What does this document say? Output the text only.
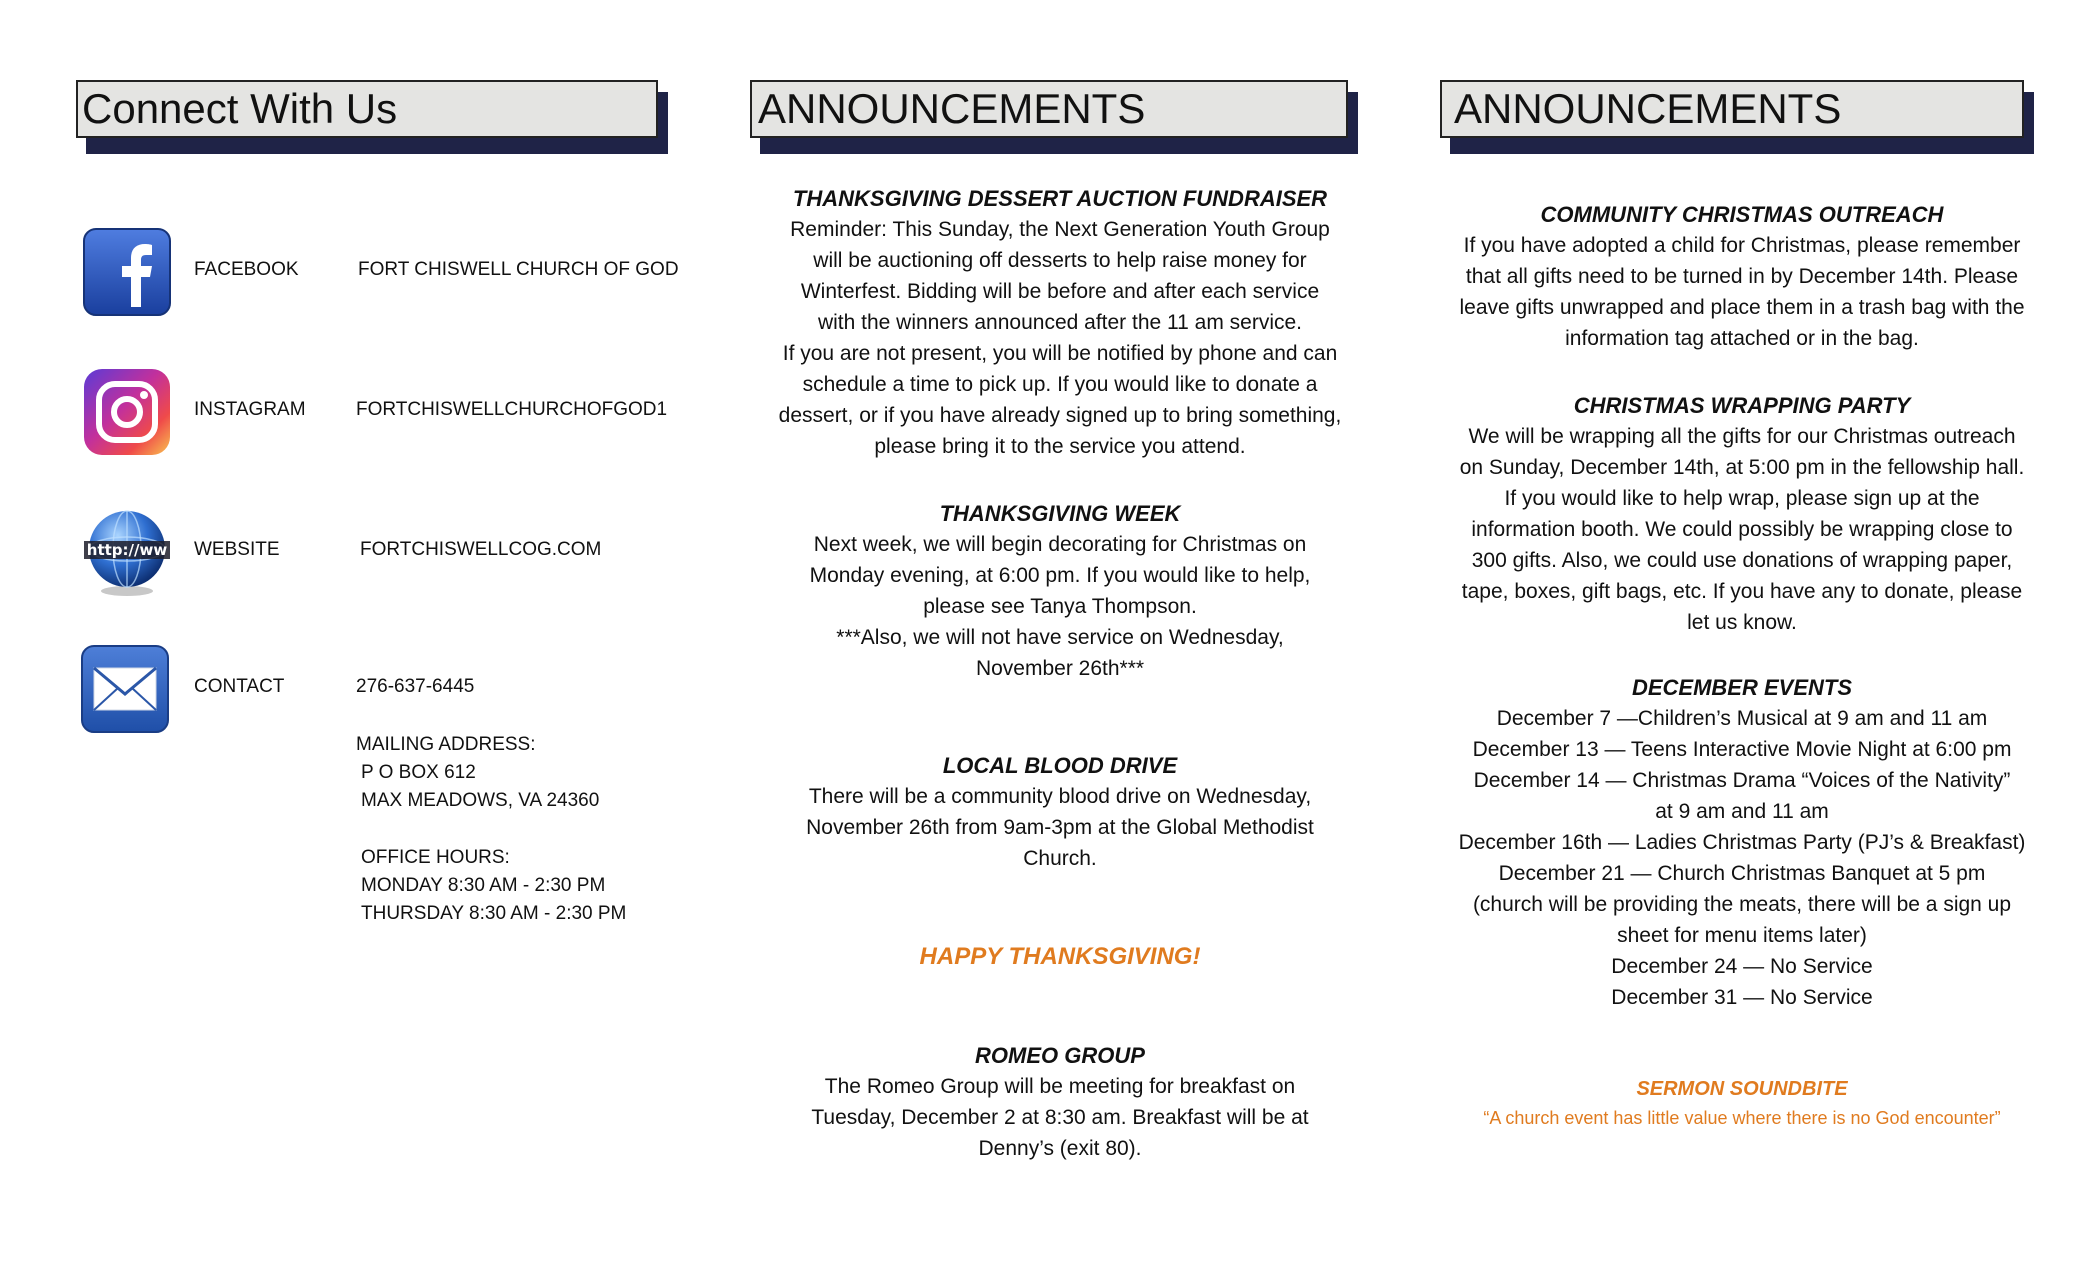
Connect With Us
FACEBOOK	FORT CHISWELL CHURCH OF GOD
INSTAGRAM	FORTCHISWELLCHURCHOFGOD1
http://ww WEBSITE	FORTCHISWELLCOG.COM
CONTACT	276-637-6445
MAILING ADDRESS:
P O BOX 612
MAX MEADOWS, VA 24360
OFFICE HOURS:
MONDAY 8:30 AM - 2:30 PM
THURSDAY 8:30 AM - 2:30 PM
ANNOUNCEMENTS
THANKSGIVING DESSERT AUCTION FUNDRAISER

Reminder: This Sunday, the Next Generation Youth Group

will be auctioning off desserts to help raise money for

Winterfest. Bidding will be before and after each service

with the winners announced after the 11 am service.

If you are not present, you will be notified by phone and can

schedule a time to pick up. If you would like to donate a

dessert, or if you have already signed up to bring something,

please bring it to the service you attend.

THANKSGIVING WEEK

Next week, we will begin decorating for Christmas on

Monday evening, at 6:00 pm. If you would like to help,

please see Tanya Thompson.

***Also, we will not have service on Wednesday,

November 26th***

LOCAL BLOOD DRIVE

There will be a community blood drive on Wednesday,

November 26th from 9am-3pm at the Global Methodist

Church.

HAPPY THANKSGIVING!
ROMEO GROUP

The Romeo Group will be meeting for breakfast on

Tuesday, December 2 at 8:30 am. Breakfast will be at

Denny’s (exit 80).

ANNOUNCEMENTS
COMMUNITY CHRISTMAS OUTREACH

If you have adopted a child for Christmas, please remember

that all gifts need to be turned in by December 14th. Please

leave gifts unwrapped and place them in a trash bag with the

information tag attached or in the bag.

CHRISTMAS WRAPPING PARTY

We will be wrapping all the gifts for our Christmas outreach

on Sunday, December 14th, at 5:00 pm in the fellowship hall.

If you would like to help wrap, please sign up at the

information booth. We could possibly be wrapping close to

300 gifts. Also, we could use donations of wrapping paper,

tape, boxes, gift bags, etc. If you have any to donate, please

let us know.

DECEMBER EVENTS

December 7 —Children’s Musical at 9 am and 11 am

December 13 — Teens Interactive Movie Night at 6:00 pm

December 14 — Christmas Drama “Voices of the Nativity”

at 9 am and 11 am

December 16th — Ladies Christmas Party (PJ’s & Breakfast)

December 21 — Church Christmas Banquet at 5 pm

(church will be providing the meats, there will be a sign up

sheet for menu items later)

December 24 — No Service

December 31 — No Service

SERMON SOUNDBITE
“A church event has little value where there is no God encounter”
